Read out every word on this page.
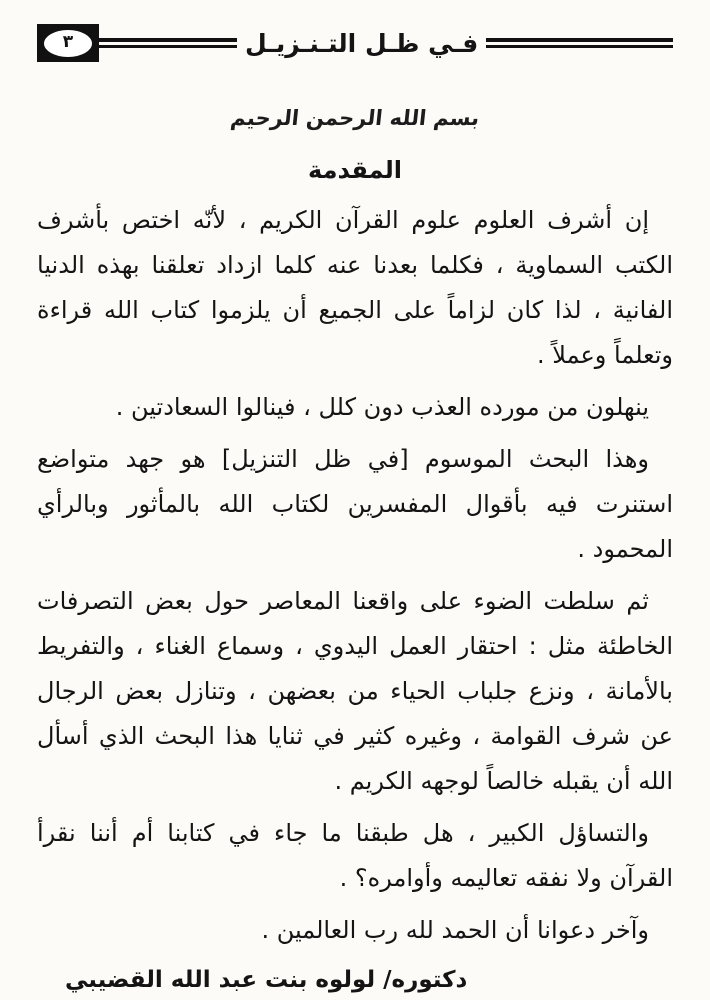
٣	فـي ظـل التـنـزيـل
بسم الله الرحمن الرحيم
المقدمة

إن أشرف العلوم علوم القرآن الكريم ، لأنّه اختص بأشرف الكتب السماوية ، فكلما بعدنا عنه كلما ازداد تعلقنا بهذه الدنيا الفانية ، لذا كان لزاماً على الجميع أن يلزموا كتاب الله قراءة وتعلماً وعملاً .

ينهلون من مورده العذب دون كلل ، فينالوا السعادتين .

وهذا البحث الموسوم [في ظل التنزيل] هو جهد متواضع استنرت فيه بأقوال المفسرين لكتاب الله بالمأثور وبالرأي المحمود .

ثم سلطت الضوء على واقعنا المعاصر حول بعض التصرفات الخاطئة مثل : احتقار العمل اليدوي ، وسماع الغناء ، والتفريط بالأمانة ، ونزع جلباب الحياء من بعضهن ، وتنازل بعض الرجال عن شرف القوامة ، وغيره كثير في ثنايا هذا البحث الذي أسأل الله أن يقبله خالصاً لوجهه الكريم .

والتساؤل الكبير ، هل طبقنا ما جاء في كتابنا أم أننا نقرأ القرآن ولا نفقه تعاليمه وأوامره؟ .

وآخر دعوانا أن الحمد لله رب العالمين .

دكتوره/ لولوه بنت عبد الله القضيبي
